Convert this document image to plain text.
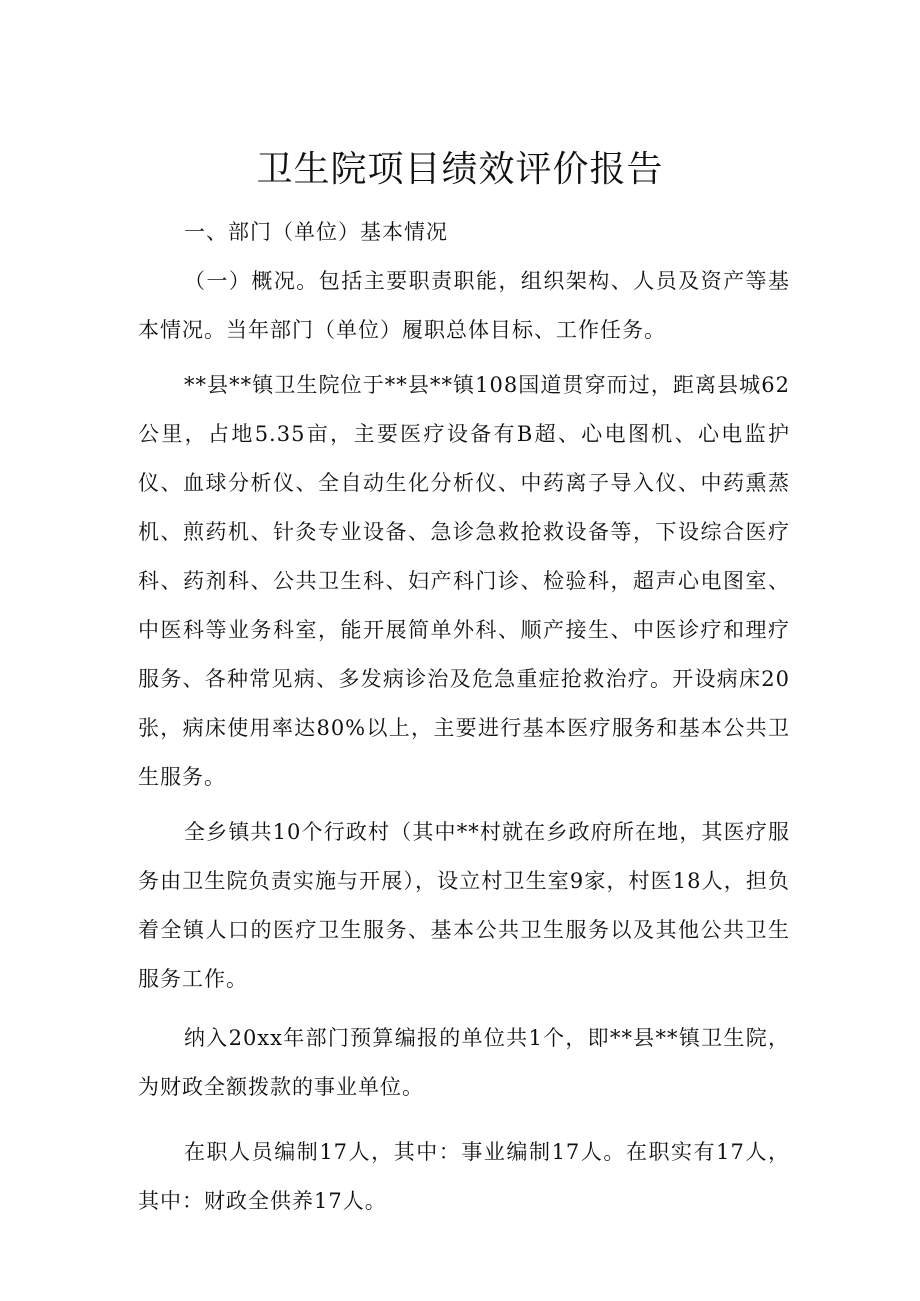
卫生院项目绩效评价报告

一、部门（单位）基本情况

（一）概况。包括主要职责职能，组织架构、人员及资产等基本情况。当年部门（单位）履职总体目标、工作任务。

**县**镇卫生院位于**县**镇108国道贯穿而过，距离县城62公里，占地5.35亩，主要医疗设备有B超、心电图机、心电监护仪、血球分析仪、全自动生化分析仪、中药离子导入仪、中药熏蒸机、煎药机、针灸专业设备、急诊急救抢救设备等，下设综合医疗科、药剂科、公共卫生科、妇产科门诊、检验科，超声心电图室、中医科等业务科室，能开展简单外科、顺产接生、中医诊疗和理疗服务、各种常见病、多发病诊治及危急重症抢救治疗。开设病床20张，病床使用率达80%以上，主要进行基本医疗服务和基本公共卫生服务。

全乡镇共10个行政村（其中**村就在乡政府所在地，其医疗服务由卫生院负责实施与开展），设立村卫生室9家，村医18人，担负着全镇人口的医疗卫生服务、基本公共卫生服务以及其他公共卫生服务工作。

纳入20xx年部门预算编报的单位共1个，即**县**镇卫生院，为财政全额拨款的事业单位。

在职人员编制17人，其中：事业编制17人。在职实有17人，其中：财政全供养17人。
